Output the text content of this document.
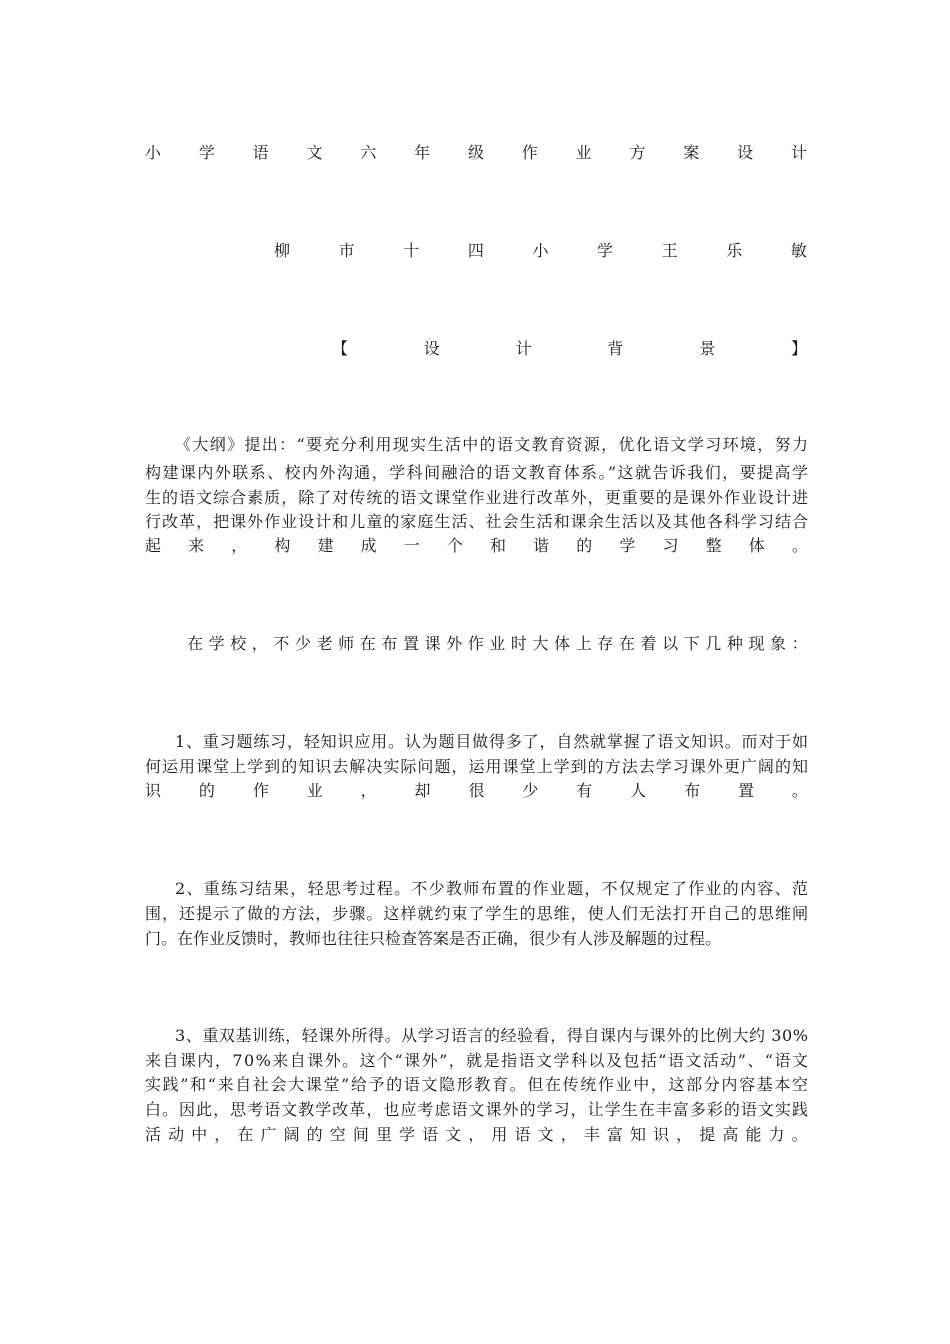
小 学 语 文 六 年 级 作 业 方 案 设 计

柳	市	十	四	小	学	王	乐	敏

【	设	计	背	景	】

《大纲》提出：“要充分利用现实生活中的语文教育资源，优化语文学习环境，努力

构建课内外联系、校内外沟通，学科间融洽的语文教育体系。”这就告诉我们，要提高学

生的语文综合素质，除了对传统的语文课堂作业进行改革外，更重要的是课外作业设计进

行改革，把课外作业设计和儿童的家庭生活、社会生活和课余生活以及其他各科学习结合

起 来 ， 构 建 成 一 个 和 谐 的 学 习 整 体 。

在 学 校 ， 不 少 老 师 在 布 置 课 外 作 业 时 大 体 上 存 在 着 以 下 几 种 现 象 ：

1、重习题练习，轻知识应用。认为题目做得多了，自然就掌握了语文知识。而对于如

何运用课堂上学到的知识去解决实际问题，运用课堂上学到的方法去学习课外更广阔的知

识 的 作 业 ， 却 很 少 有 人 布 置 。

2、重练习结果，轻思考过程。不少教师布置的作业题，不仅规定了作业的内容、范

围，还提示了做的方法，步骤。这样就约束了学生的思维，使人们无法打开自己的思维闸

门。在作业反馈时，教师也往往只检查答案是否正确，很少有人涉及解题的过程。

3、重双基训练，轻课外所得。从学习语言的经验看，得自课内与课外的比例大约 30%

来自课内，70%来自课外。这个“课外”，就是指语文学科以及包括“语文活动”、“语文

实践”和“来自社会大课堂”给予的语文隐形教育。但在传统作业中，这部分内容基本空

白。因此，思考语文教学改革，也应考虑语文课外的学习，让学生在丰富多彩的语文实践

活 动 中 ， 在 广 阔 的 空 间 里 学 语 文 ， 用 语 文 ， 丰 富 知 识 ， 提 高 能 力 。
